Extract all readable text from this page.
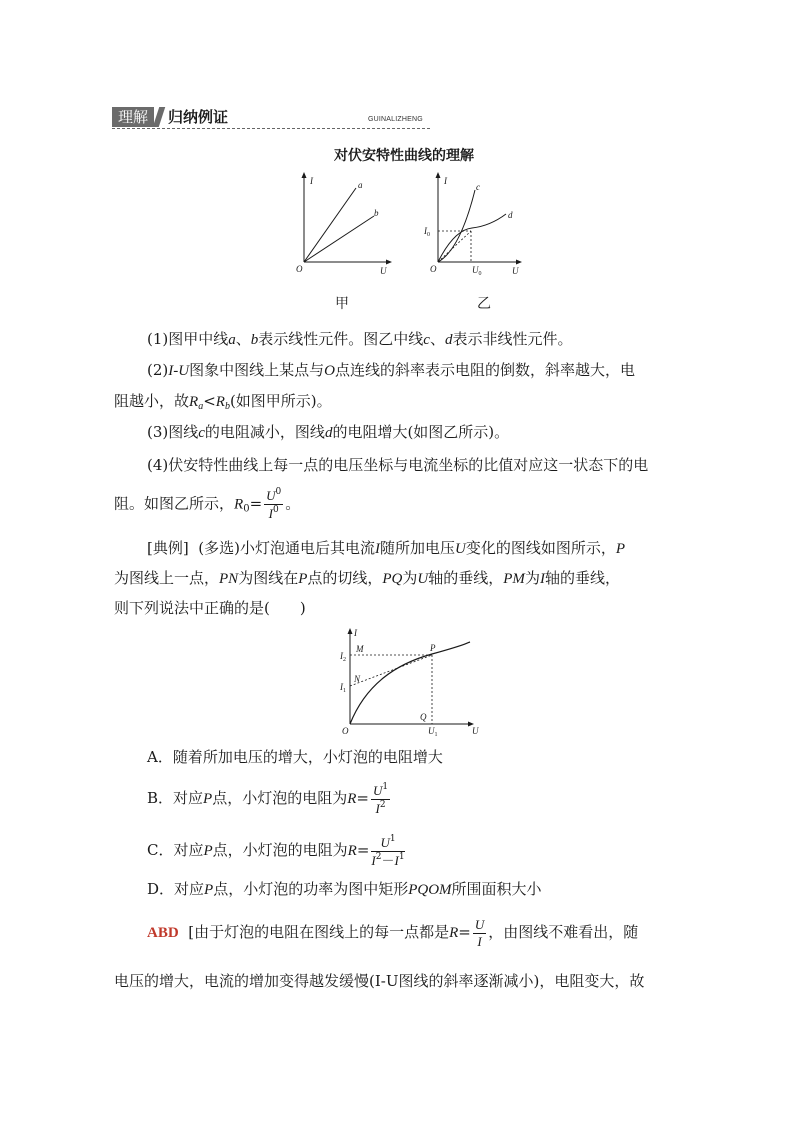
理解	归纳例证	GUINALIZHENG
对伏安特性曲线的理解
I
U
O
a
b
甲
I
U
O
c
d
$I_0$
$U_0$
乙
(1)图甲中线a、b表示线性元件。图乙中线c、d表示非线性元件。
(2)I-U图象中图线上某点与O点连线的斜率表示电阻的倒数，斜率越大，电
阻越小，故$R_a<R_b$(如图甲所示)。
(3)图线c的电阻减小，图线d的电阻增大(如图乙所示)。
(4)伏安特性曲线上每一点的电压坐标与电流坐标的比值对应这一状态下的电
阻。如图乙所示，$R_0= \frac{U^0}{I^0}$ 。
[典例] (多选)小灯泡通电后其电流I随所加电压U变化的图线如图所示，P
为图线上一点，PN为图线在P点的切线，PQ为U轴的垂线，PM为I轴的垂线，
则下列说法中正确的是(　　)
I
U
O
M	P
N
Q
$I_2$
$I_1$
$U_1$
A．随着所加电压的增大，小灯泡的电阻增大
B．对应P点，小灯泡的电阻为$R= \frac{U^1}{I^2}$
C．对应P点，小灯泡的电阻为$R= \frac{U^1}{I^2-I^1}$
D．对应P点，小灯泡的功率为图中矩形PQOM所围面积大小
ABD [由于灯泡的电阻在图线上的每一点都是$R= \frac{U}{I}$ ，由图线不难看出，随
电压的增大，电流的增加变得越发缓慢(I-U图线的斜率逐渐减小)，电阻变大，故
